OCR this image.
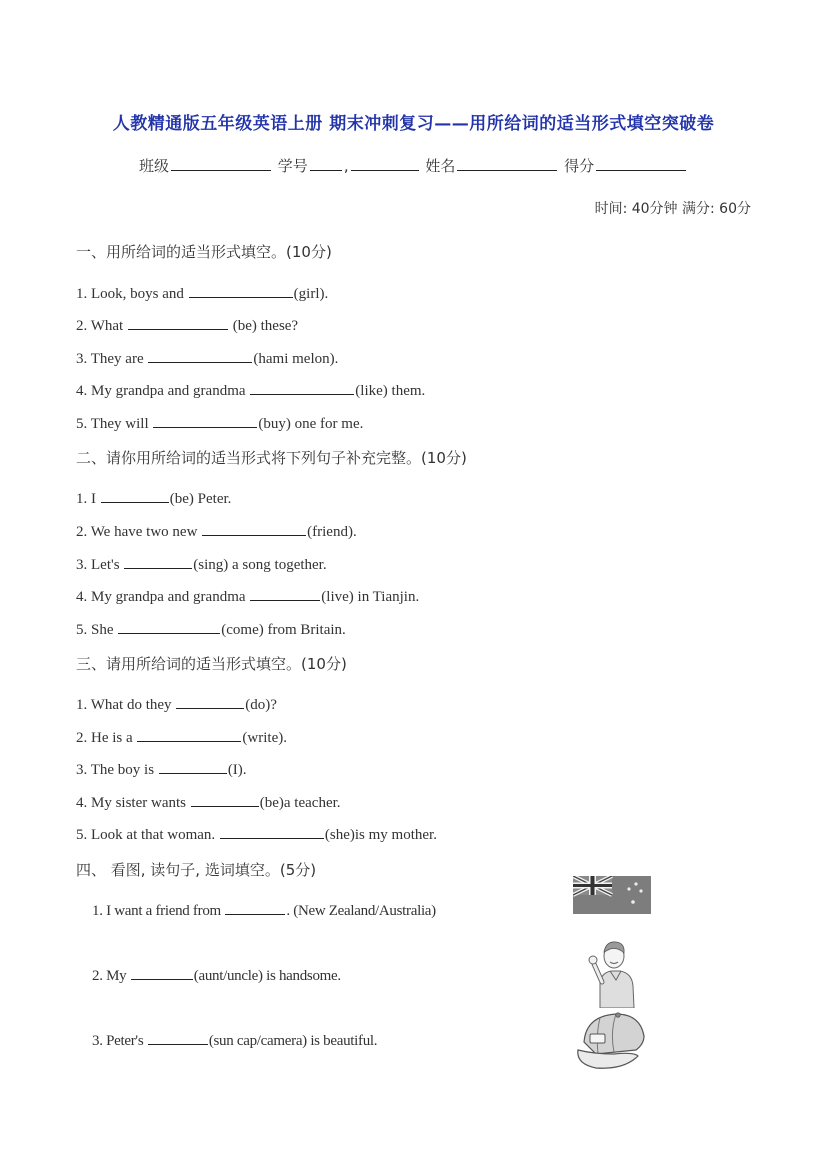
人教精通版五年级英语上册 期末冲刺复习——用所给词的适当形式填空突破卷
班级	学号 ,	姓名	得分
时间: 40分钟 满分: 60分
一、用所给词的适当形式填空。(10分)
1. Look, boys and	(girl).
2. What	(be) these?
3. They are	(hami melon).
4. My grandpa and grandma	(like) them.
5. They will	(buy) one for me.
二、请你用所给词的适当形式将下列句子补充完整。(10分)
1. I	(be) Peter.
2. We have two new	(friend).
3. Let's	(sing) a song together.
4. My grandpa and grandma	(live) in Tianjin.
5. She	(come) from Britain.
三、请用所给词的适当形式填空。(10分)
1. What do they	(do)?
2. He is a	(write).
3. The boy is	(I).
4. My sister wants	(be)a teacher.
5. Look at that woman.	(she)is my mother.
四、 看图, 读句子, 选词填空。(5分)
1. I want a friend from	. (New Zealand/Australia)
2. My	(aunt/uncle) is handsome.
3. Peter's	(sun cap/camera) is beautiful.
